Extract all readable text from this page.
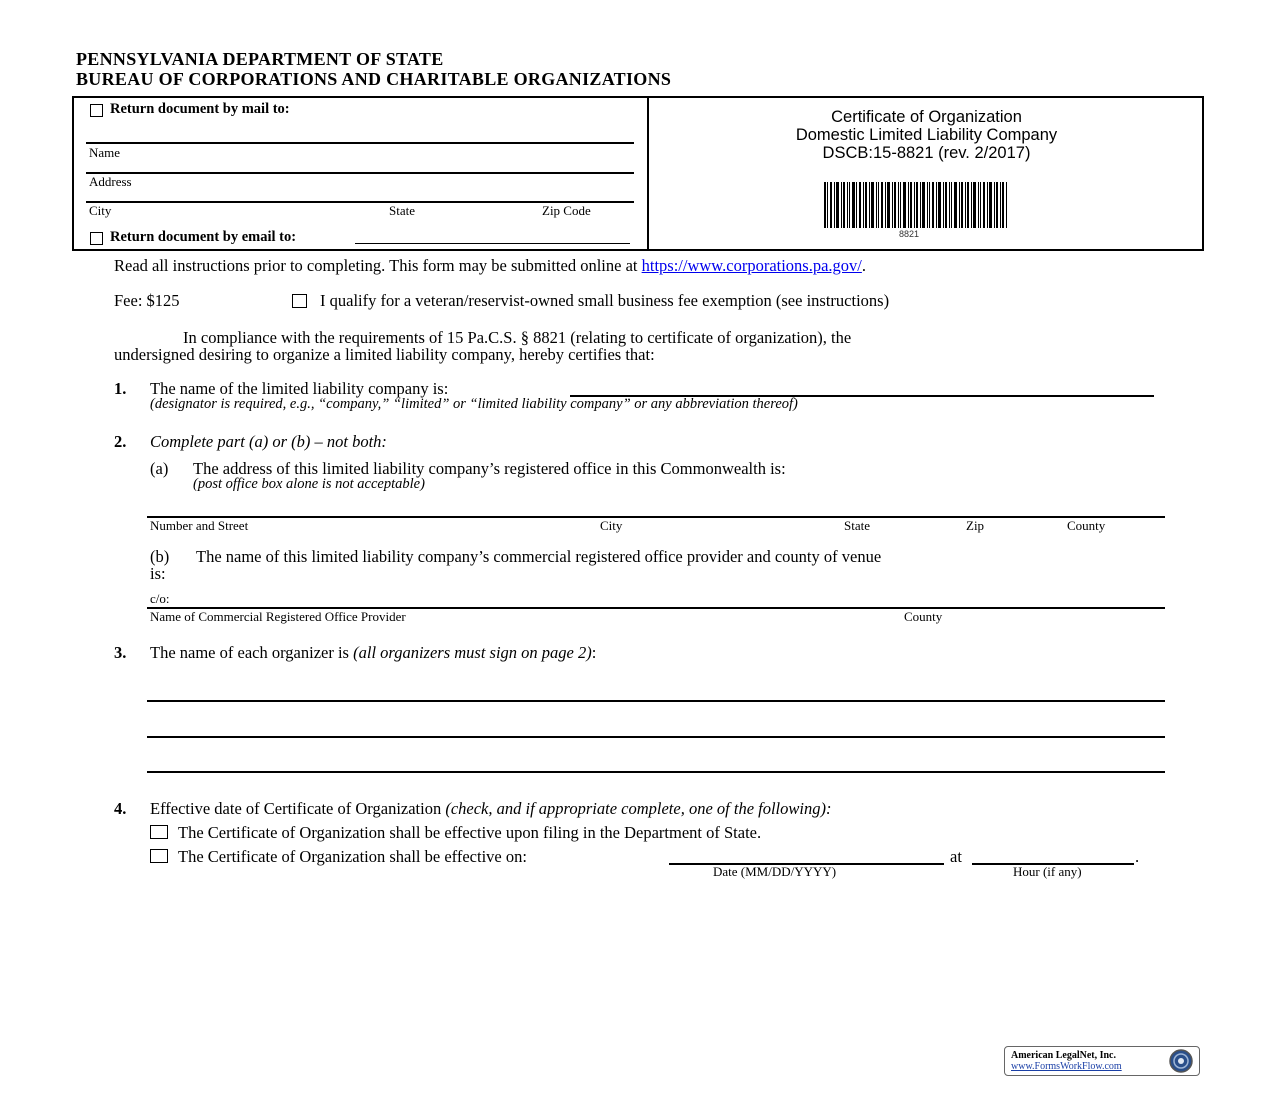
PENNSYLVANIA DEPARTMENT OF STATE
BUREAU OF CORPORATIONS AND CHARITABLE ORGANIZATIONS
Return document by mail to:
Name
Address
City	State	Zip Code
Return document by email to:
Certificate of Organization
Domestic Limited Liability Company
DSCB:15-8821 (rev. 2/2017)
8821
Read all instructions prior to completing. This form may be submitted online at https://www.corporations.pa.gov/.
Fee: $125	I qualify for a veteran/reservist-owned small business fee exemption (see instructions)
In compliance with the requirements of 15 Pa.C.S. § 8821 (relating to certificate of organization), the
undersigned desiring to organize a limited liability company, hereby certifies that:
1. The name of the limited liability company is:
(designator is required, e.g., “company,” “limited” or “limited liability company” or any abbreviation thereof)
2. Complete part (a) or (b) – not both:
(a) The address of this limited liability company’s registered office in this Commonwealth is:
(post office box alone is not acceptable)
Number and Street	City	State	Zip	County
(b) The name of this limited liability company’s commercial registered office provider and county of venue
is:
c/o:
Name of Commercial Registered Office Provider	County
3. The name of each organizer is (all organizers must sign on page 2):
4. Effective date of Certificate of Organization (check, and if appropriate complete, one of the following):
The Certificate of Organization shall be effective upon filing in the Department of State.
The Certificate of Organization shall be effective on:	at	.
Date (MM/DD/YYYY)	Hour (if any)
American LegalNet, Inc.
www.FormsWorkFlow.com
